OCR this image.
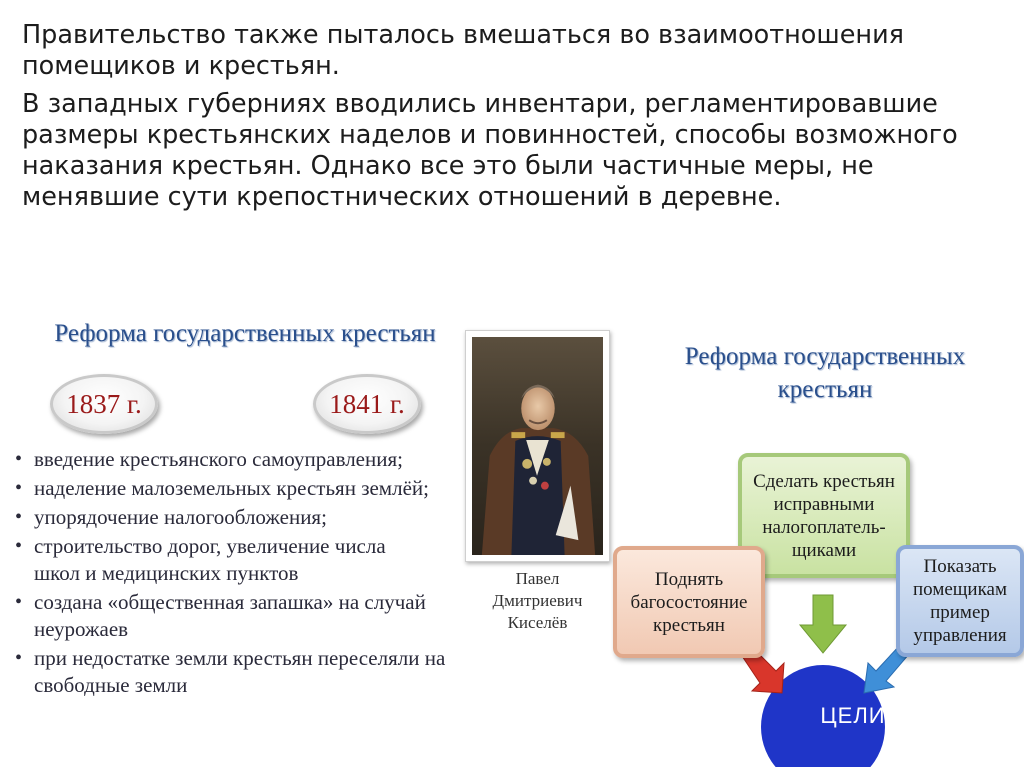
Правительство также пыталось вмешаться во взаимоотношения помещиков и крестьян.

В западных губерниях вводились инвентари, регламентировавшие размеры крестьянских наделов и повинностей, способы возможного наказания крестьян. Однако все это были частичные меры, не менявшие сути крепостнических отношений в деревне.

Реформа государственных крестьян
1837 г.	1841 г.
• введение крестьянского самоуправления;
• наделение малоземельных крестьян землёй;
• упорядочение налогообложения;
• строительство дорог, увеличение числа
школ и медицинских пунктов
• создана «общественная запашка» на случай неурожаев
• при недостатке земли крестьян переселяли на свободные земли
Павел
Дмитриевич
Киселёв
Реформа государственных крестьян
Сделать крестьян исправными налогоплатель-щиками
Поднять багосостояние крестьян
Показать помещикам пример управления
ЦЕЛИ
